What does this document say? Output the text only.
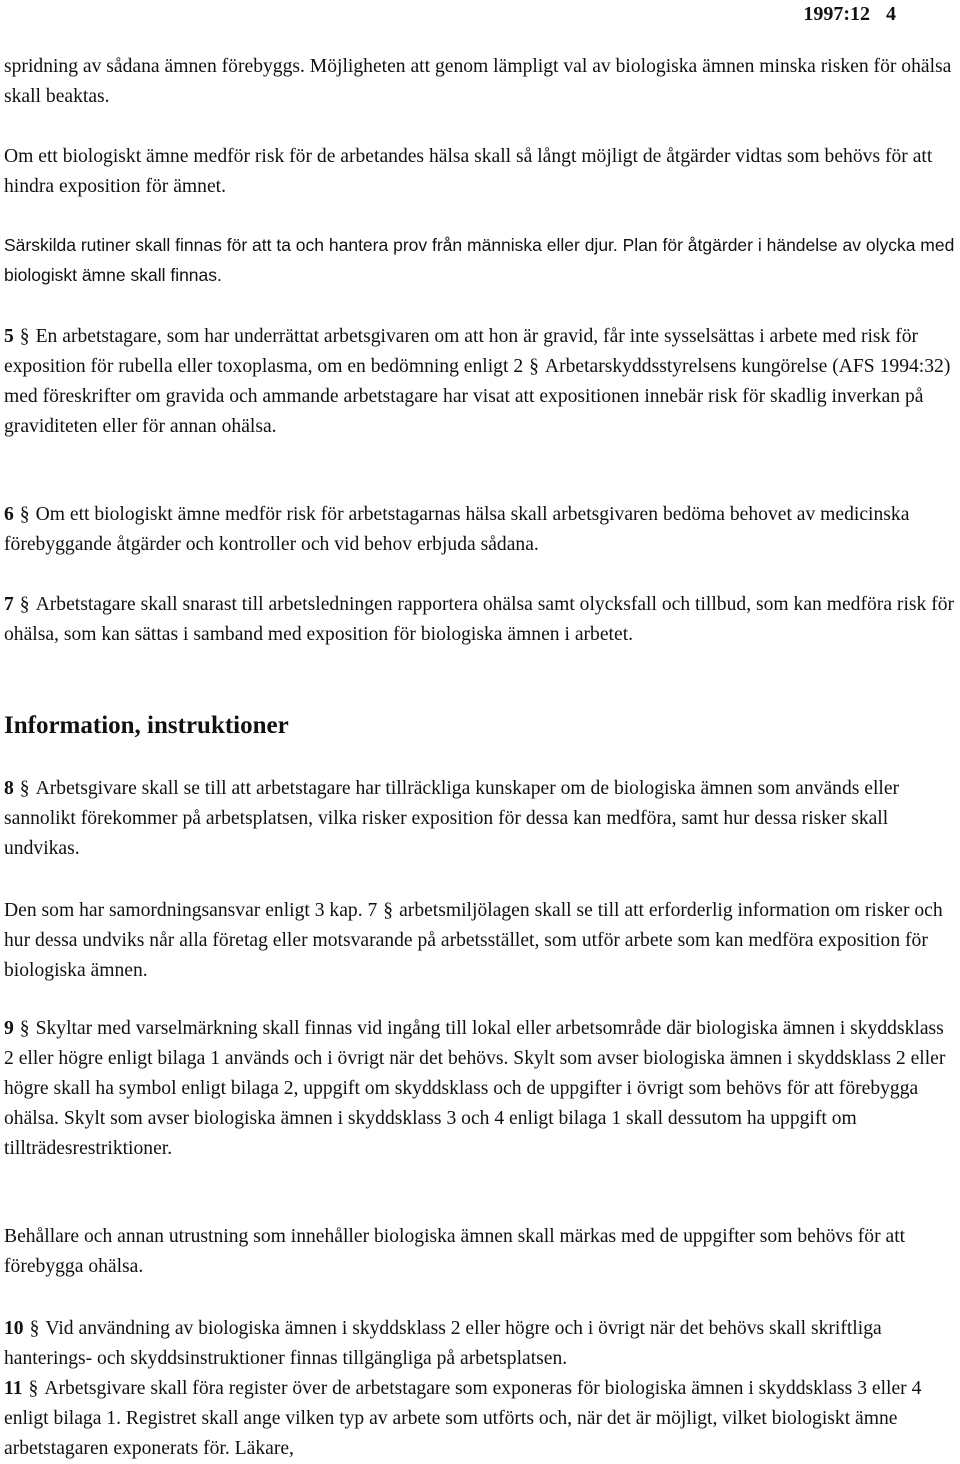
1997:12 4

spridning av sådana ämnen förebyggs. Möjligheten att genom lämpligt val av biologiska ämnen minska risken för ohälsa skall beaktas.

Om ett biologiskt ämne medför risk för de arbetandes hälsa skall så långt möjligt de åtgärder vidtas som behövs för att hindra exposition för ämnet.

Särskilda rutiner skall finnas för att ta och hantera prov från människa eller djur. Plan för åtgärder i händelse av olycka med biologiskt ämne skall finnas.

5 § En arbetstagare, som har underrättat arbetsgivaren om att hon är gravid, får inte sysselsättas i arbete med risk för exposition för rubella eller toxoplasma, om en bedömning enligt 2 § Arbetarskyddsstyrelsens kungörelse (AFS 1994:32) med föreskrifter om gravida och ammande arbetstagare har visat att expositionen innebär risk för skadlig inverkan på graviditeten eller för annan ohälsa.

6 § Om ett biologiskt ämne medför risk för arbetstagarnas hälsa skall arbetsgivaren bedöma behovet av medicinska förebyggande åtgärder och kontroller och vid behov erbjuda sådana.

7 § Arbetstagare skall snarast till arbetsledningen rapportera ohälsa samt olycksfall och tillbud, som kan medföra risk för ohälsa, som kan sättas i samband med exposition för biologiska ämnen i arbetet.

Information, instruktioner

8 § Arbetsgivare skall se till att arbetstagare har tillräckliga kunskaper om de biologiska ämnen som används eller sannolikt förekommer på arbetsplatsen, vilka risker exposition för dessa kan medföra, samt hur dessa risker skall undvikas.

Den som har samordningsansvar enligt 3 kap. 7 § arbetsmiljölagen skall se till att erforderlig information om risker och hur dessa undviks når alla företag eller motsvarande på arbetsstället, som utför arbete som kan medföra exposition för biologiska ämnen.

9 § Skyltar med varselmärkning skall finnas vid ingång till lokal eller arbetsområde där biologiska ämnen i skyddsklass 2 eller högre enligt bilaga 1 används och i övrigt när det behövs. Skylt som avser biologiska ämnen i skyddsklass 2 eller högre skall ha symbol enligt bilaga 2, uppgift om skyddsklass och de uppgifter i övrigt som behövs för att förebygga ohälsa. Skylt som avser biologiska ämnen i skyddsklass 3 och 4 enligt bilaga 1 skall dessutom ha uppgift om tillträdesrestriktioner.

Behållare och annan utrustning som innehåller biologiska ämnen skall märkas med de uppgifter som behövs för att förebygga ohälsa.

10 § Vid användning av biologiska ämnen i skyddsklass 2 eller högre och i övrigt när det behövs skall skriftliga hanterings- och skyddsinstruktioner finnas tillgängliga på arbetsplatsen.

11 § Arbetsgivare skall föra register över de arbetstagare som exponeras för biologiska ämnen i skyddsklass 3 eller 4 enligt bilaga 1. Registret skall ange vilken typ av arbete som utförts och, när det är möjligt, vilket biologiskt ämne arbetstagaren exponerats för. Läkare,
